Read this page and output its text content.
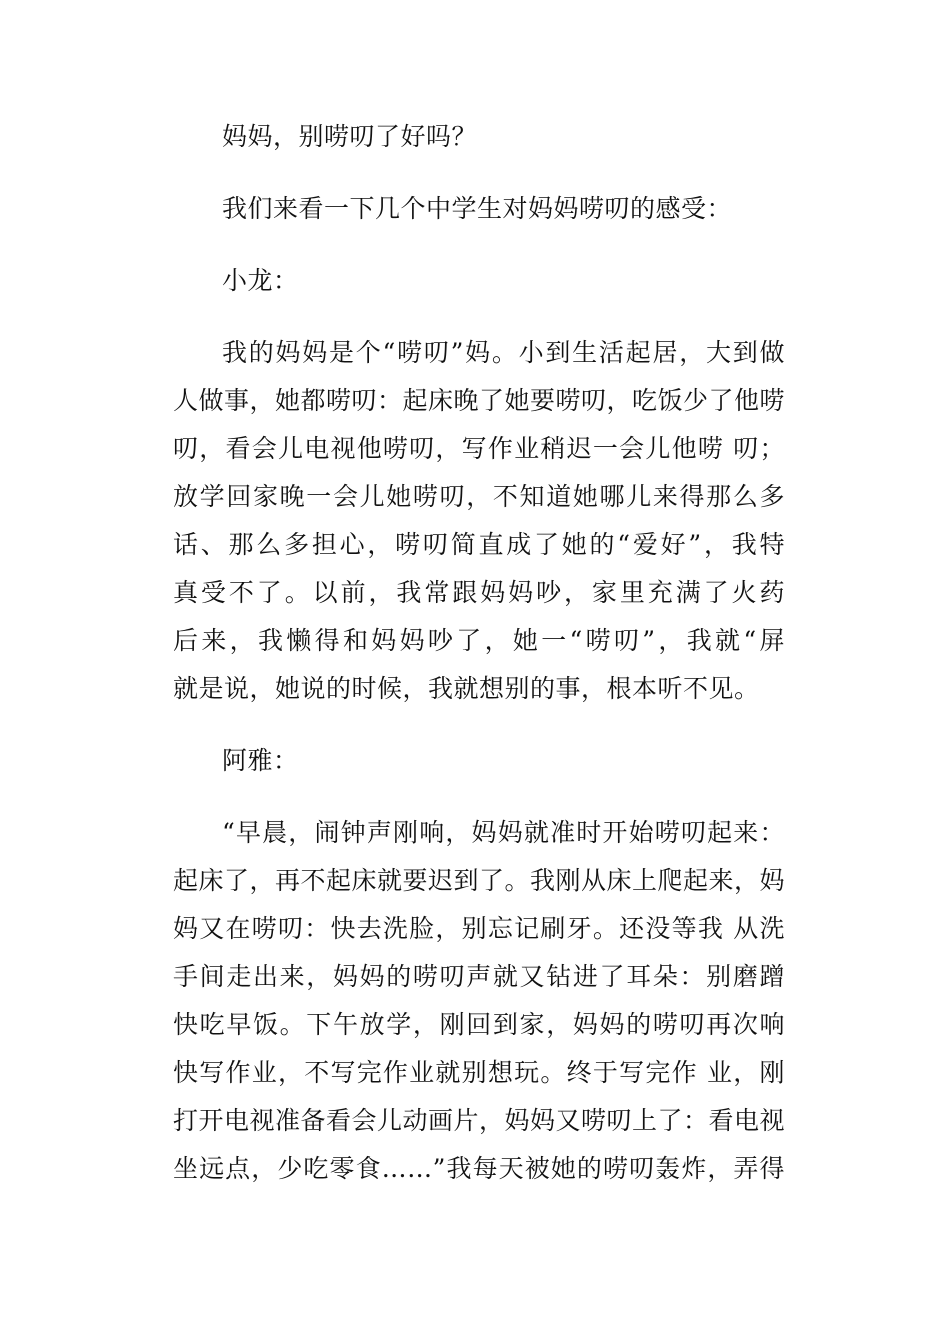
妈妈，别唠叨了好吗？
我们来看一下几个中学生对妈妈唠叨的感受：
小龙：
我的妈妈是个“唠叨”妈。小到生活起居，大到做
人做事，她都唠叨：起床晚了她要唠叨，吃饭少了他唠
叨，看会儿电视他唠叨，写作业稍迟一会儿他唠 叨；
放学回家晚一会儿她唠叨，不知道她哪儿来得那么多
话、那么多担心，唠叨简直成了她的“爱好”，我特
真受不了。以前，我常跟妈妈吵，家里充满了火药
后来，我懒得和妈妈吵了，她一“唠叨”，我就“屏
就是说，她说的时候，我就想别的事，根本听不见。
阿雅：
“早晨，闹钟声刚响，妈妈就准时开始唠叨起来：
起床了，再不起床就要迟到了。我刚从床上爬起来，妈
妈又在唠叨：快去洗脸，别忘记刷牙。还没等我 从洗
手间走出来，妈妈的唠叨声就又钻进了耳朵：别磨蹭
快吃早饭。下午放学，刚回到家，妈妈的唠叨再次响
快写作业，不写完作业就别想玩。终于写完作 业，刚
打开电视准备看会儿动画片，妈妈又唠叨上了：看电视
坐远点，少吃零食……”我每天被她的唠叨轰炸，弄得
